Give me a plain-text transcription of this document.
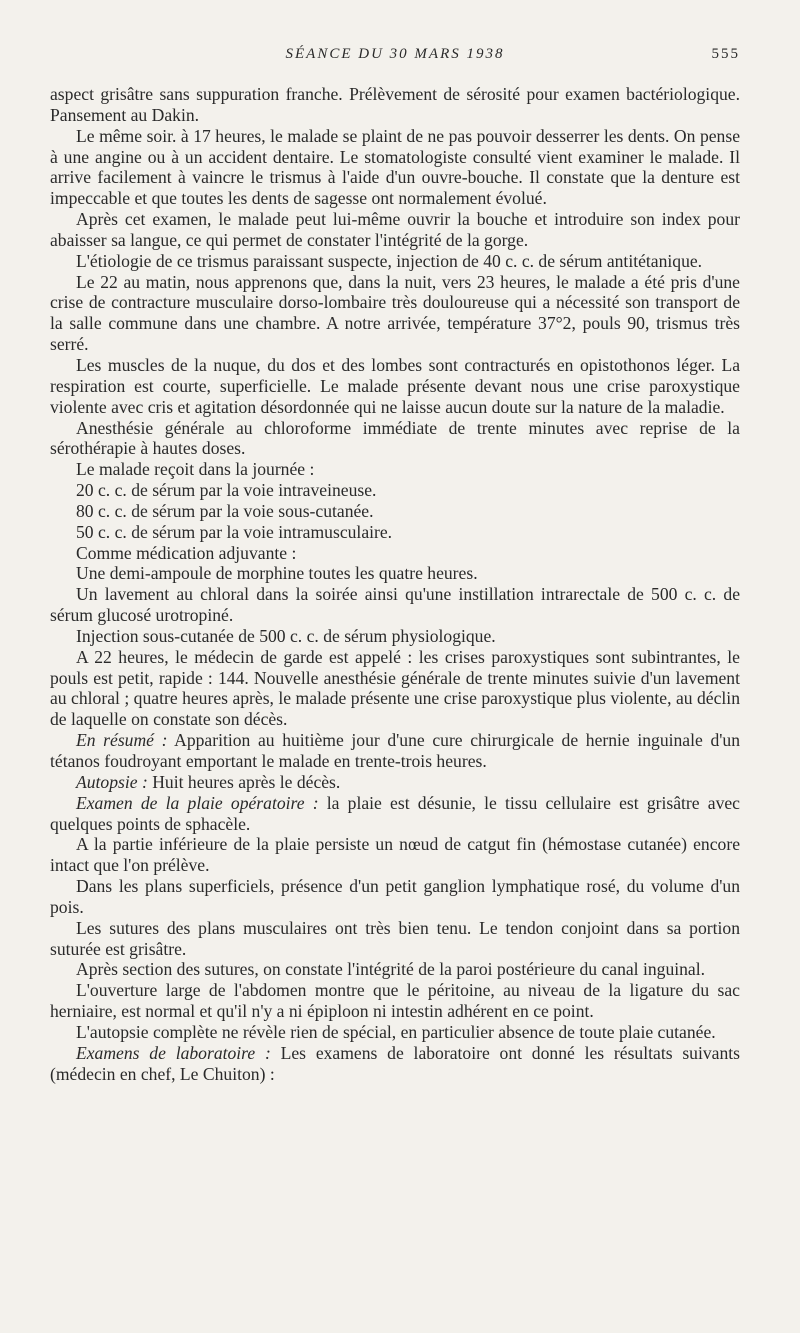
SÉANCE DU 30 MARS 1938	555

aspect grisâtre sans suppuration franche. Prélèvement de sérosité pour examen bactériologique. Pansement au Dakin.

Le même soir. à 17 heures, le malade se plaint de ne pas pouvoir desserrer les dents. On pense à une angine ou à un accident dentaire. Le stomatologiste consulté vient examiner le malade. Il arrive facilement à vaincre le trismus à l'aide d'un ouvre-bouche. Il constate que la denture est impeccable et que toutes les dents de sagesse ont normalement évolué.

Après cet examen, le malade peut lui-même ouvrir la bouche et introduire son index pour abaisser sa langue, ce qui permet de constater l'intégrité de la gorge.

L'étiologie de ce trismus paraissant suspecte, injection de 40 c. c. de sérum antitétanique.

Le 22 au matin, nous apprenons que, dans la nuit, vers 23 heures, le malade a été pris d'une crise de contracture musculaire dorso-lombaire très douloureuse qui a nécessité son transport de la salle commune dans une chambre. A notre arrivée, température 37°2, pouls 90, trismus très serré.

Les muscles de la nuque, du dos et des lombes sont contracturés en opistothonos léger. La respiration est courte, superficielle. Le malade présente devant nous une crise paroxystique violente avec cris et agitation désordonnée qui ne laisse aucun doute sur la nature de la maladie.

Anesthésie générale au chloroforme immédiate de trente minutes avec reprise de la sérothérapie à hautes doses.

Le malade reçoit dans la journée :

20 c. c. de sérum par la voie intraveineuse.

80 c. c. de sérum par la voie sous-cutanée.

50 c. c. de sérum par la voie intramusculaire.

Comme médication adjuvante :

Une demi-ampoule de morphine toutes les quatre heures.

Un lavement au chloral dans la soirée ainsi qu'une instillation intrarectale de 500 c. c. de sérum glucosé urotropiné.

Injection sous-cutanée de 500 c. c. de sérum physiologique.

A 22 heures, le médecin de garde est appelé : les crises paroxystiques sont subintrantes, le pouls est petit, rapide : 144. Nouvelle anesthésie générale de trente minutes suivie d'un lavement au chloral ; quatre heures après, le malade présente une crise paroxystique plus violente, au déclin de laquelle on constate son décès.

En résumé : Apparition au huitième jour d'une cure chirurgicale de hernie inguinale d'un tétanos foudroyant emportant le malade en trente-trois heures.

Autopsie : Huit heures après le décès.

Examen de la plaie opératoire : la plaie est désunie, le tissu cellulaire est grisâtre avec quelques points de sphacèle.

A la partie inférieure de la plaie persiste un nœud de catgut fin (hémostase cutanée) encore intact que l'on prélève.

Dans les plans superficiels, présence d'un petit ganglion lymphatique rosé, du volume d'un pois.

Les sutures des plans musculaires ont très bien tenu. Le tendon conjoint dans sa portion suturée est grisâtre.

Après section des sutures, on constate l'intégrité de la paroi postérieure du canal inguinal.

L'ouverture large de l'abdomen montre que le péritoine, au niveau de la ligature du sac herniaire, est normal et qu'il n'y a ni épiploon ni intestin adhérent en ce point.

L'autopsie complète ne révèle rien de spécial, en particulier absence de toute plaie cutanée.

Examens de laboratoire : Les examens de laboratoire ont donné les résultats suivants (médecin en chef, Le Chuiton) :
